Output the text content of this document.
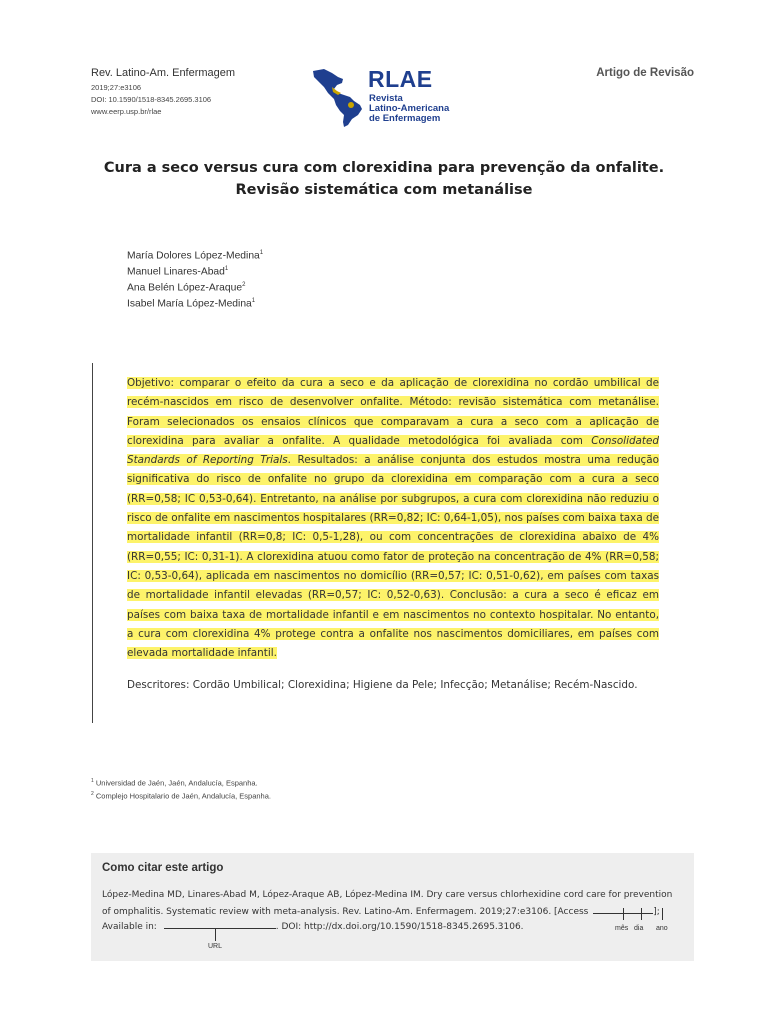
Rev. Latino-Am. Enfermagem
2019;27:e3106
DOI: 10.1590/1518-8345.2695.3106
www.eerp.usp.br/rlae
Artigo de Revisão
RLAE
Revista
Latino-Americana
de Enfermagem
Cura a seco versus cura com clorexidina para prevenção da onfalite.
Revisão sistemática com metanálise
María Dolores López-Medina$^1$
Manuel Linares-Abad$^1$
Ana Belén López-Araque$^2$
Isabel María López-Medina$^1$
Objetivo: comparar o efeito da cura a seco e da aplicação de clorexidina no cordão umbilical de recém-nascidos em risco de desenvolver onfalite. Método: revisão sistemática com metanálise. Foram selecionados os ensaios clínicos que comparavam a cura a seco com a aplicação de clorexidina para avaliar a onfalite. A qualidade metodológica foi avaliada com Consolidated Standards of Reporting Trials. Resultados: a análise conjunta dos estudos mostra uma redução significativa do risco de onfalite no grupo da clorexidina em comparação com a cura a seco (RR=0,58; IC 0,53-0,64). Entretanto, na análise por subgrupos, a cura com clorexidina não reduziu o risco de onfalite em nascimentos hospitalares (RR=0,82; IC: 0,64-1,05), nos países com baixa taxa de mortalidade infantil (RR=0,8; IC: 0,5-1,28), ou com concentrações de clorexidina abaixo de 4% (RR=0,55; IC: 0,31-1). A clorexidina atuou como fator de proteção na concentração de 4% (RR=0,58; IC: 0,53-0,64), aplicada em nascimentos no domicílio (RR=0,57; IC: 0,51-0,62), em países com taxas de mortalidade infantil elevadas (RR=0,57; IC: 0,52-0,63). Conclusão: a cura a seco é eficaz em países com baixa taxa de mortalidade infantil e em nascimentos no contexto hospitalar. No entanto, a cura com clorexidina 4% protege contra a onfalite nos nascimentos domiciliares, em países com elevada mortalidade infantil.
Descritores: Cordão Umbilical; Clorexidina; Higiene da Pele; Infecção; Metanálise; Recém-Nascido.
$^1$ Universidad de Jaén, Jaén, Andalucía, Espanha.
$^2$ Complejo Hospitalario de Jaén, Andalucía, Espanha.
Como citar este artigo
López-Medina MD, Linares-Abad M, López-Araque AB, López-Medina IM. Dry care versus chlorhexidine cord care for prevention
of omphalitis. Systematic review with meta-analysis. Rev. Latino-Am. Enfermagem. 2019;27:e3106. [Access	];
mês dia ano
Available in:	. DOI: http://dx.doi.org/10.1590/1518-8345.2695.3106.
URL
